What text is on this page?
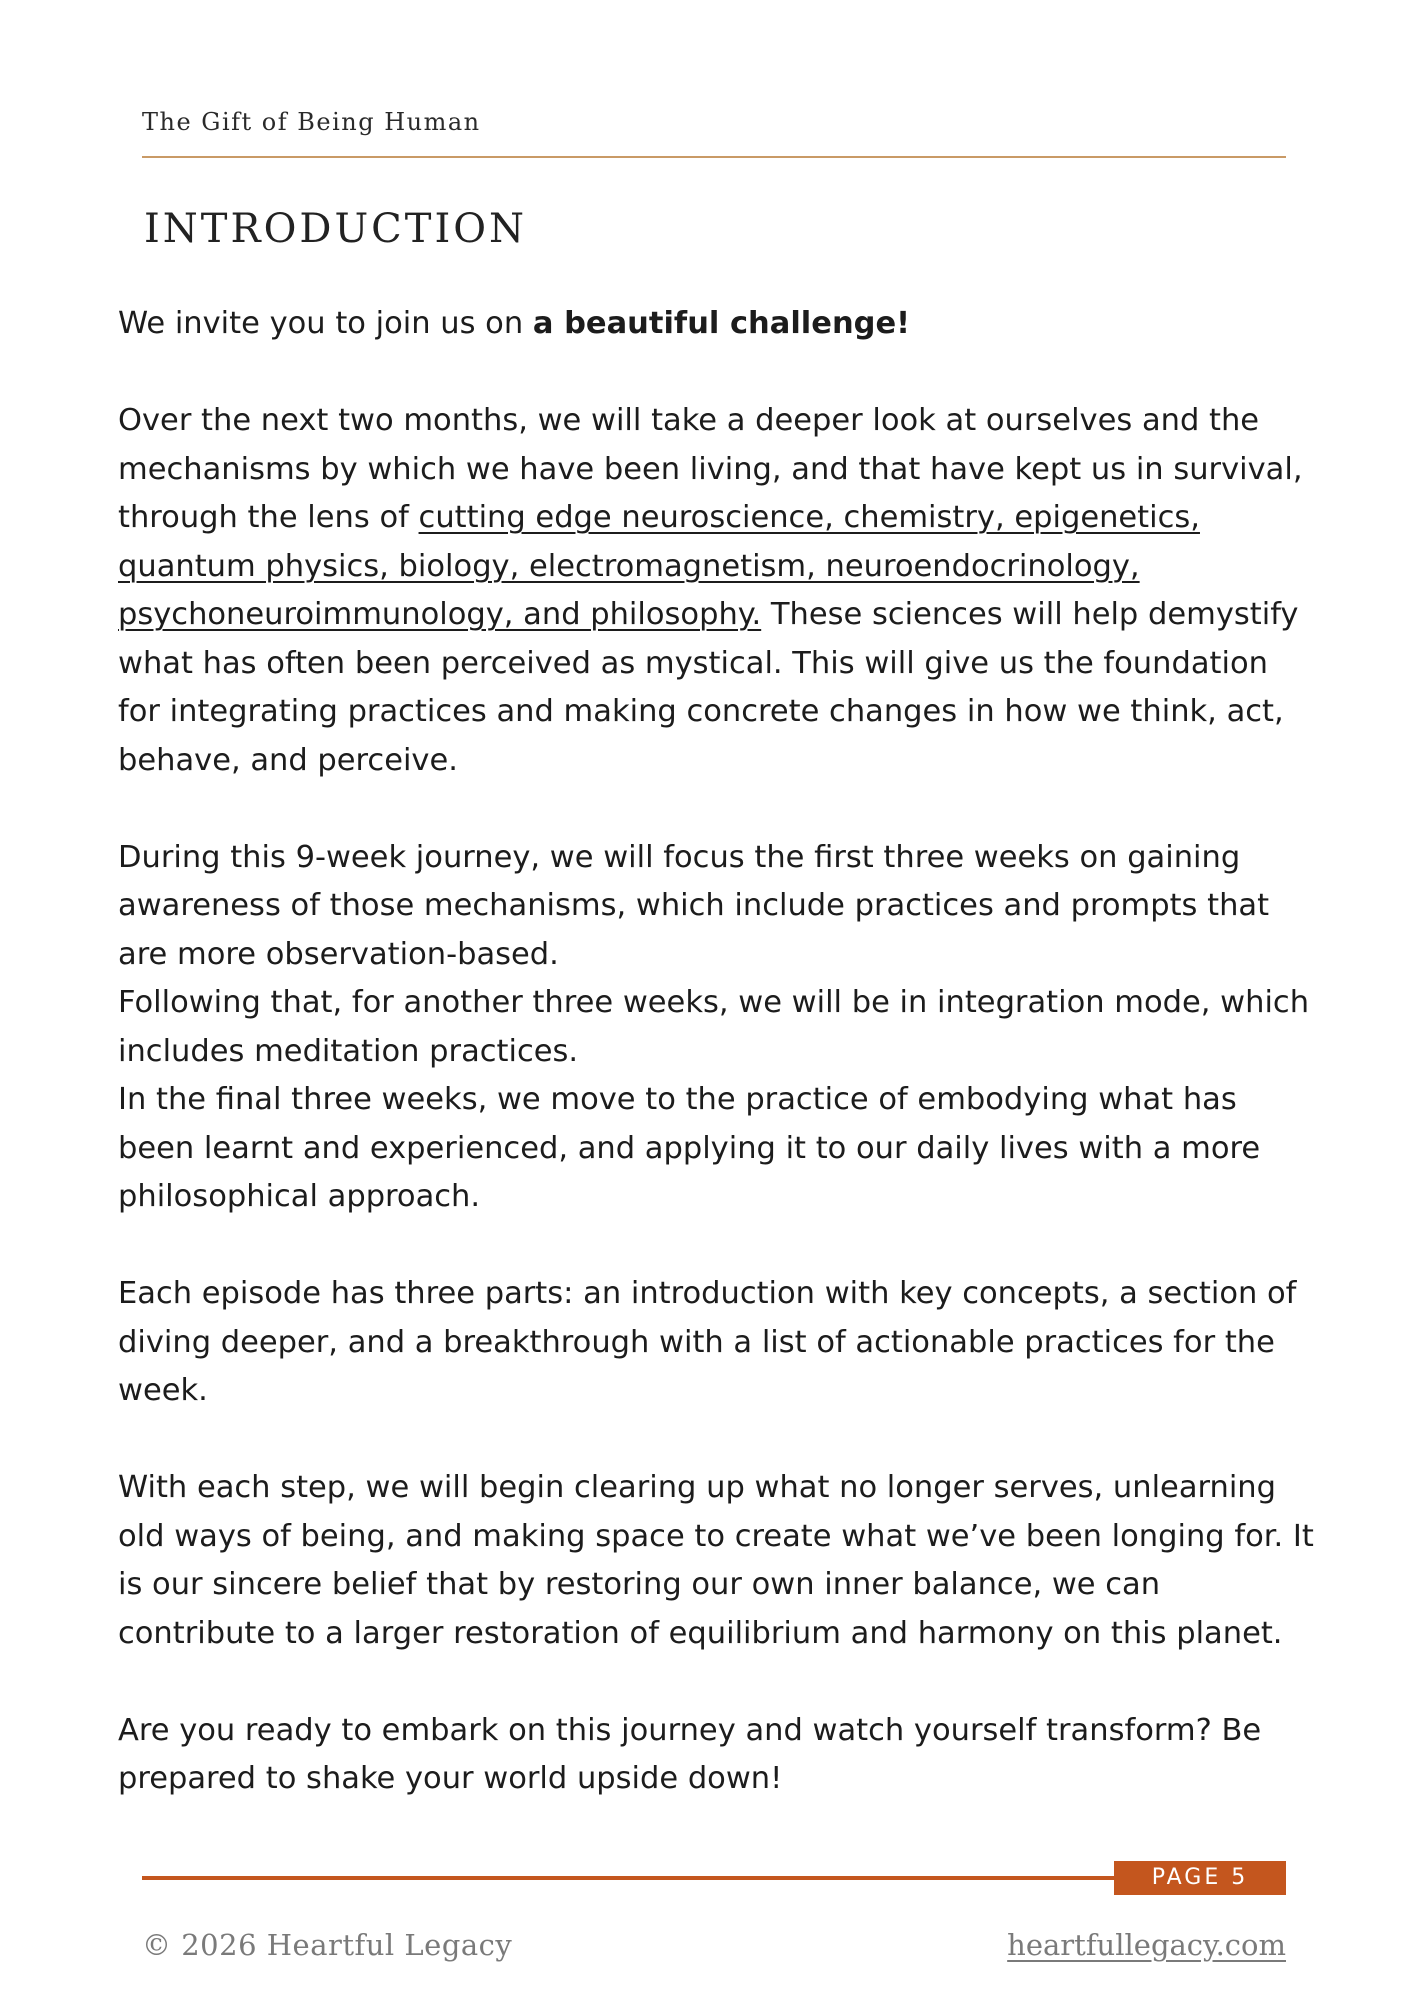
The Gift of Being Human
INTRODUCTION

We invite you to join us on a beautiful challenge!

Over the next two months, we will take a deeper look at ourselves and the mechanisms by which we have been living, and that have kept us in survival, through the lens of cutting edge neuroscience, chemistry, epigenetics, quantum physics, biology, electromagnetism, neuroendocrinology, psychoneuroimmunology, and philosophy. These sciences will help demystify what has often been perceived as mystical. This will give us the foundation for integrating practices and making concrete changes in how we think, act, behave, and perceive.

During this 9-week journey, we will focus the first three weeks on gaining awareness of those mechanisms, which include practices and prompts that are more observation-based.

Following that, for another three weeks, we will be in integration mode, which includes meditation practices.

In the final three weeks, we move to the practice of embodying what has been learnt and experienced, and applying it to our daily lives with a more philosophical approach.

Each episode has three parts: an introduction with key concepts, a section of diving deeper, and a breakthrough with a list of actionable practices for the week.

With each step, we will begin clearing up what no longer serves, unlearning old ways of being, and making space to create what we’ve been longing for. It is our sincere belief that by restoring our own inner balance, we can contribute to a larger restoration of equilibrium and harmony on this planet.

Are you ready to embark on this journey and watch yourself transform? Be prepared to shake your world upside down!

PAGE 5
© 2026 Heartful Legacy	heartfullegacy.com
